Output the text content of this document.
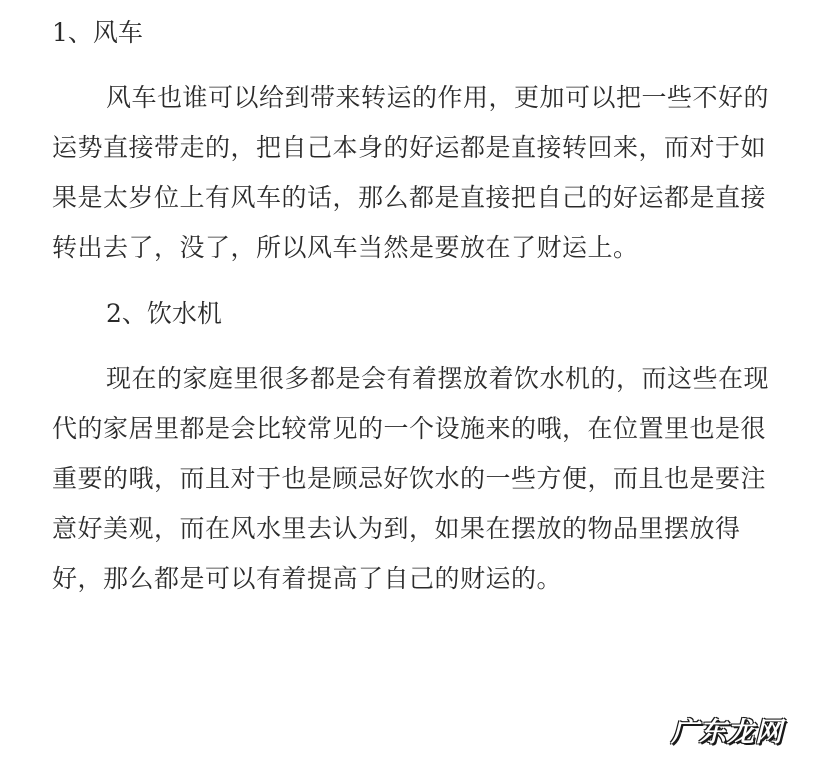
1、风车

风车也谁可以给到带来转运的作用，更加可以把一些不好的运势直接带走的，把自己本身的好运都是直接转回来，而对于如果是太岁位上有风车的话，那么都是直接把自己的好运都是直接转出去了，没了，所以风车当然是要放在了财运上。

2、饮水机

现在的家庭里很多都是会有着摆放着饮水机的，而这些在现代的家居里都是会比较常见的一个设施来的哦，在位置里也是很重要的哦，而且对于也是顾忌好饮水的一些方便，而且也是要注意好美观，而在风水里去认为到，如果在摆放的物品里摆放得好，那么都是可以有着提高了自己的财运的。

广东龙网
